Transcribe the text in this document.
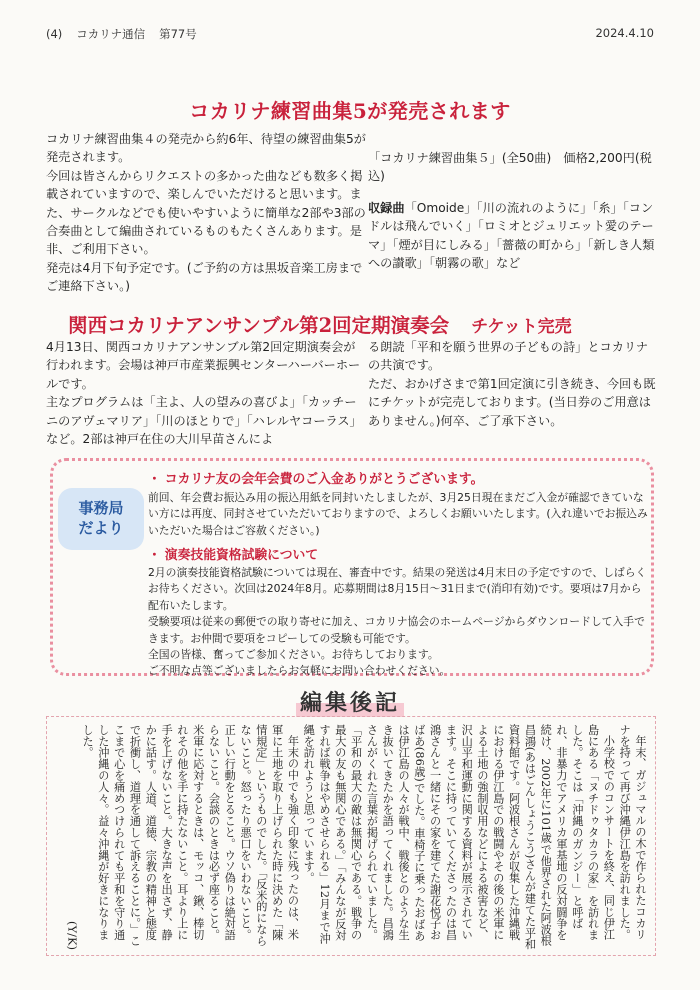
(4) コカリナ通信 第77号	2024.4.10
コカリナ練習曲集5が発売されます

コカリナ練習曲集４の発売から約6年、待望の練習曲集5が発売されます。

今回は皆さんからリクエストの多かった曲なども数多く掲載されていますので、楽しんでいただけると思います。また、サークルなどでも使いやすいように簡単な2部や3部の合奏曲として編曲されているものもたくさんあります。是非、ご利用下さい。

発売は4月下旬予定です。(ご予約の方は黒坂音楽工房までご連絡下さい。)

「コカリナ練習曲集５」(全50曲)　価格2,200円(税込)

収録曲「Omoide」「川の流れのように」「糸」「コンドルは飛んでいく」「ロミオとジュリエット愛のテーマ」「煙が目にしみる」「薔薇の町から」「新しき人類への讃歌」「朝霧の歌」など

関西コカリナアンサンブル第2回定期演奏会 チケット完売

4月13日、関西コカリナアンサンブル第2回定期演奏会が行われます。会場は神戸市産業振興センターハーバーホールです。

主なプログラムは「主よ、人の望みの喜びよ」「カッチーニのアヴェマリア」「川のほとりで」「ハレルヤコーラス」など。2部は神戸在住の大川早苗さんによ

る朗読「平和を願う世界の子どもの詩」とコカリナの共演です。

ただ、おかげさまで第1回定演に引き続き、今回も既にチケットが完売しております。(当日券のご用意はありません。)何卒、ご了承下さい。

事務局
だより
・ コカリナ友の会年会費のご入金ありがとうございます。

前回、年会費お振込み用の振込用紙を同封いたしましたが、3月25日現在まだご入金が確認できていない方には再度、同封させていただいておりますので、よろしくお願いいたします。(入れ違いでお振込みいただいた場合はご容赦ください。)

・ 演奏技能資格試験について

2月の演奏技能資格試験については現在、審査中です。結果の発送は4月末日の予定ですので、しばらくお待ちください。次回は2024年8月。応募期間は8月15日～31日まで(消印有効)です。要項は7月から配布いたします。

受験要項は従来の郵便での取り寄せに加え、コカリナ協会のホームページからダウンロードして入手できます。お仲間で要項をコピーしての受験も可能です。

全国の皆様、奮ってご参加ください。お待ちしております。

ご不明な点等ございましたらお気軽にお問い合わせください。

編集後記

年末、ガジュマルの木で作られたコカリナを持って再び沖縄伊江島を訪れました。

小学校でのコンサートを終え、同じ伊江島にある「ヌチドゥタカラの家」を訪れました。そこは「沖縄のガンジー」と呼ばれ、非暴力でアメリカ軍基地の反対闘争を続け、2002年に101歳で他界された阿波根昌鴻(あはごんしょうこう)さんが建てた平和資料館です。阿波根さんが収集した沖縄戦における伊江島での戦闘やその後の米軍による土地の強制収用などによる被害など、沢山平和運動に関する資料が展示されています。そこに持っていてくださったのは昌鴻さんと一緒にその家を建てた謝花悦子おばあ(86歳)でした。車椅子に乗ったおばあは伊江島の人々が戦中、戦後とのような生き抜いてきたかを語ってくれました。昌鴻さんがくれた言葉が掲げられていました。「平和の最大の敵は無関心である。戦争の最大の友も無関心である。」「みんなが反対すれば戦争はやめさせられる」12月まで沖縄を訪れようと思っています。

年末の中でも強く印象に残ったのは、米軍に土地を取り上げられた時に決めた「陳情規定」というものでした。「反米的にならないこと。怒ったり悪口をいわないこと。正しい行動をとること。ウソ偽りは絶対語らないこと。会談のときは必ず座ること。米軍に応対するときは、モッコ、鍬、棒切れその他を手に持たないこと。耳より上に手を上げないこと。大きな声を出さず、静かに話す。人道、道徳、宗教の精神と態度で折衝し、道理を通して訴えることに。」ここまで心を痛めつけられても平和を守り通した沖縄の人々。益々沖縄が好きになりました。

(Y/K)
